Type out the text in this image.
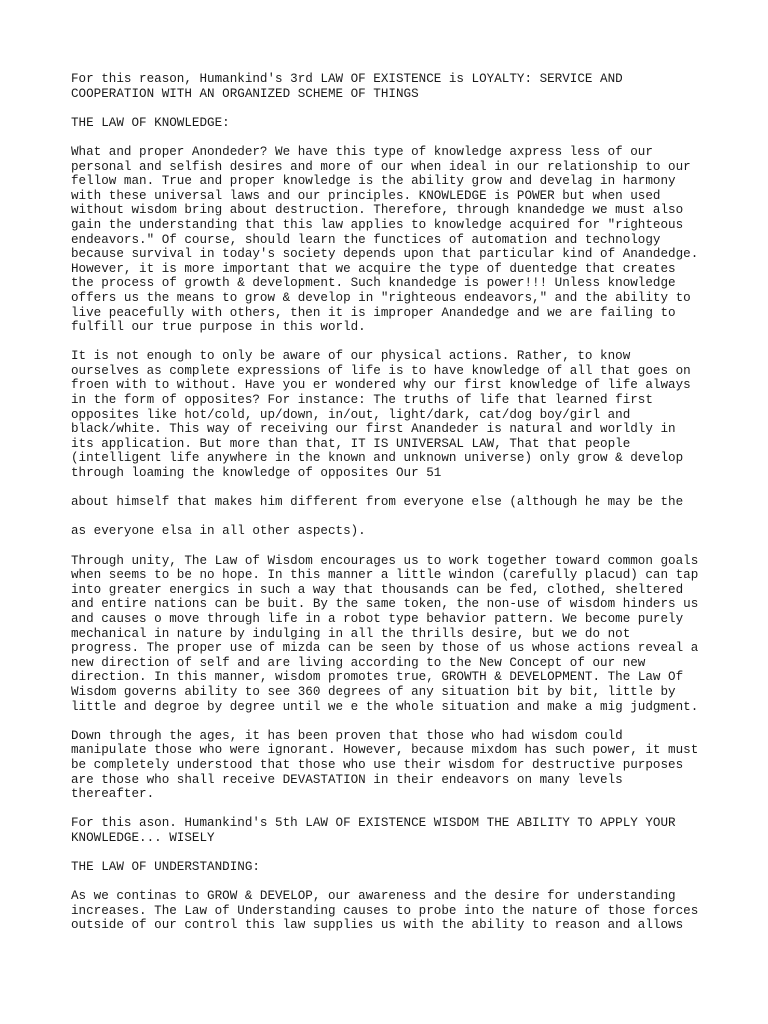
For this reason, Humankind's 3rd LAW OF EXISTENCE is LOYALTY: SERVICE AND
COOPERATION WITH AN ORGANIZED SCHEME OF THINGS
THE LAW OF KNOWLEDGE:
What and proper Anondeder? We have this type of knowledge axpress less of our
personal and selfish desires and more of our when ideal in our relationship to our
fellow man. True and proper knowledge is the ability grow and develag in harmony
with these universal laws and our principles. KNOWLEDGE is POWER but when used
without wisdom bring about destruction. Therefore, through knandedge we must also
gain the understanding that this law applies to knowledge acquired for "righteous
endeavors." Of course, should learn the functices of automation and technology
because survival in today's society depends upon that particular kind of Anandedge.
However, it is more important that we acquire the type of duentedge that creates
the process of growth & development. Such knandedge is power!!! Unless knowledge
offers us the means to grow & develop in "righteous endeavors," and the ability to
live peacefully with others, then it is improper Anandedge and we are failing to
fulfill our true purpose in this world.
It is not enough to only be aware of our physical actions. Rather, to know
ourselves as complete expressions of life is to have knowledge of all that goes on
froen with to without. Have you er wondered why our first knowledge of life always
in the form of opposites? For instance: The truths of life that learned first
opposites like hot/cold, up/down, in/out, light/dark, cat/dog boy/girl and
black/white. This way of receiving our first Anandeder is natural and worldly in
its application. But more than that, IT IS UNIVERSAL LAW, That that people
(intelligent life anywhere in the known and unknown universe) only grow & develop
through loaming the knowledge of opposites Our 51
about himself that makes him different from everyone else (although he may be the
as everyone elsa in all other aspects).
Through unity, The Law of Wisdom encourages us to work together toward common goals
when seems to be no hope. In this manner a little windon (carefully placud) can tap
into greater energics in such a way that thousands can be fed, clothed, sheltered
and entire nations can be buit. By the same token, the non-use of wisdom hinders us
and causes o move through life in a robot type behavior pattern. We become purely
mechanical in nature by indulging in all the thrills desire, but we do not
progress. The proper use of mizda can be seen by those of us whose actions reveal a
new direction of self and are living according to the New Concept of our new
direction. In this manner, wisdom promotes true, GROWTH & DEVELOPMENT. The Law Of
Wisdom governs ability to see 360 degrees of any situation bit by bit, little by
little and degroe by degree until we e the whole situation and make a mig judgment.
Down through the ages, it has been proven that those who had wisdom could
manipulate those who were ignorant. However, because mixdom has such power, it must
be completely understood that those who use their wisdom for destructive purposes
are those who shall receive DEVASTATION in their endeavors on many levels
thereafter.
For this ason. Humankind's 5th LAW OF EXISTENCE WISDOM THE ABILITY TO APPLY YOUR
KNOWLEDGE... WISELY
THE LAW OF UNDERSTANDING:
As we continas to GROW & DEVELOP, our awareness and the desire for understanding
increases. The Law of Understanding causes to probe into the nature of those forces
outside of our control this law supplies us with the ability to reason and allows
